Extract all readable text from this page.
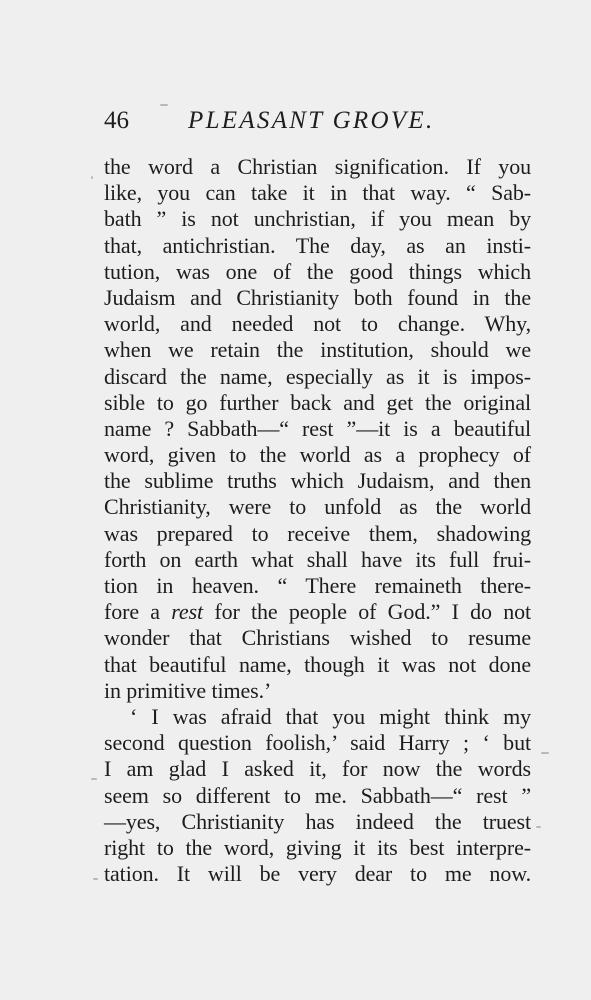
46 PLEASANT GROVE.
the word a Christian signification. If you
like, you can take it in that way. “ Sab-
bath ” is not unchristian, if you mean by
that, antichristian. The day, as an insti-
tution, was one of the good things which
Judaism and Christianity both found in the
world, and needed not to change. Why,
when we retain the institution, should we
discard the name, especially as it is impos-
sible to go further back and get the original
name ? Sabbath—“ rest ”—it is a beautiful
word, given to the world as a prophecy of
the sublime truths which Judaism, and then
Christianity, were to unfold as the world
was prepared to receive them, shadowing
forth on earth what shall have its full frui-
tion in heaven. “ There remaineth there-
fore a rest for the people of God.” I do not
wonder that Christians wished to resume
that beautiful name, though it was not done
in primitive times.’
‘ I was afraid that you might think my
second question foolish,’ said Harry ; ‘ but
I am glad I asked it, for now the words
seem so different to me. Sabbath—“ rest ”
—yes, Christianity has indeed the truest
right to the word, giving it its best interpre-
tation. It will be very dear to me now.
